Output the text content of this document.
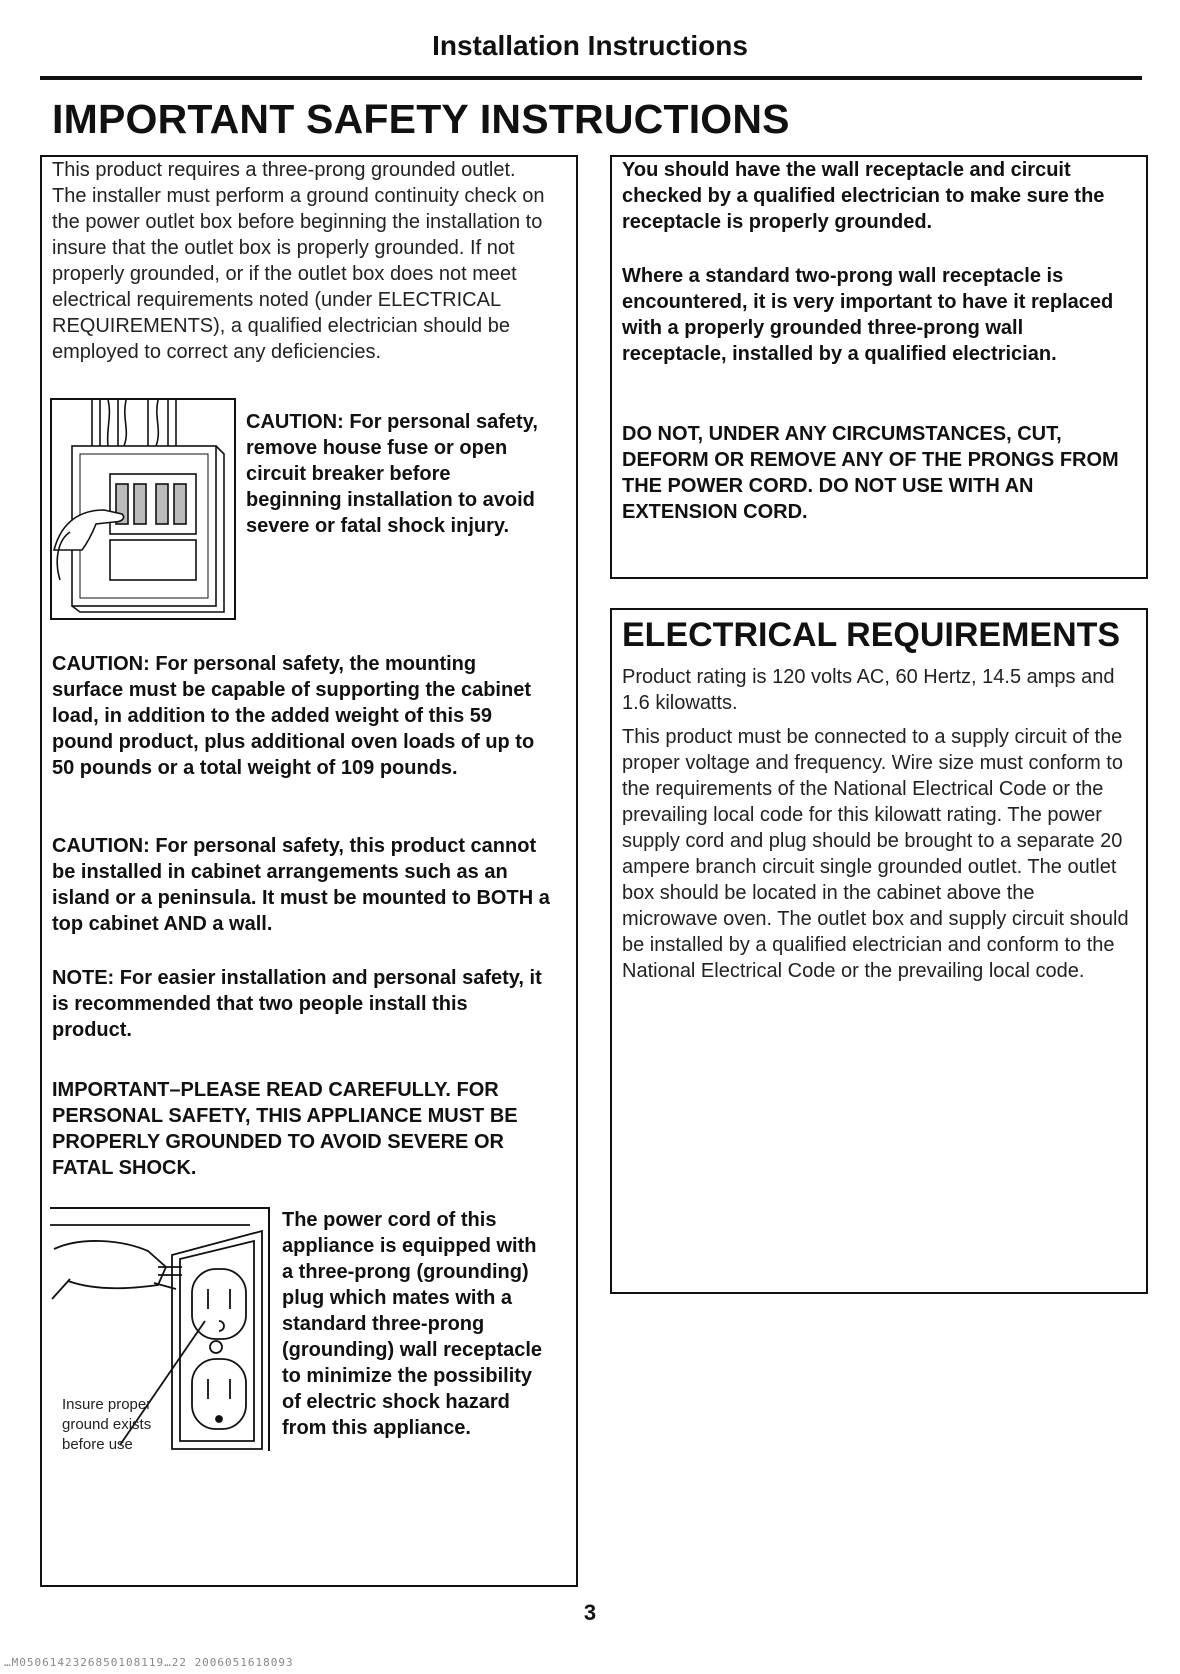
Installation Instructions
IMPORTANT SAFETY INSTRUCTIONS

This product requires a three-prong grounded outlet. The installer must perform a ground continuity check on the power outlet box before beginning the installation to insure that the outlet box is properly grounded. If not properly grounded, or if the outlet box does not meet electrical requirements noted (under ELECTRICAL REQUIREMENTS), a qualified electrician should be employed to correct any deficiencies.

CAUTION: For personal safety, remove house fuse or open circuit breaker before beginning installation to avoid severe or fatal shock injury.

CAUTION: For personal safety, the mounting surface must be capable of supporting the cabinet load, in addition to the added weight of this 59 pound product, plus additional oven loads of up to 50 pounds or a total weight of 109 pounds.

CAUTION: For personal safety, this product cannot be installed in cabinet arrangements such as an island or a peninsula. It must be mounted to BOTH a top cabinet AND a wall.

NOTE: For easier installation and personal safety, it is recommended that two people install this product.

IMPORTANT–PLEASE READ CAREFULLY. FOR PERSONAL SAFETY, THIS APPLIANCE MUST BE PROPERLY GROUNDED TO AVOID SEVERE OR FATAL SHOCK.

Insure proper
ground exists
before use

The power cord of this appliance is equipped with a three-prong (grounding) plug which mates with a standard three-prong (grounding) wall receptacle to minimize the possibility of electric shock hazard from this appliance.

You should have the wall receptacle and circuit checked by a qualified electrician to make sure the receptacle is properly grounded.

Where a standard two-prong wall receptacle is encountered, it is very important to have it replaced with a properly grounded three-prong wall receptacle, installed by a qualified electrician.

DO NOT, UNDER ANY CIRCUMSTANCES, CUT, DEFORM OR REMOVE ANY OF THE PRONGS FROM THE POWER CORD. DO NOT USE WITH AN EXTENSION CORD.

ELECTRICAL REQUIREMENTS

Product rating is 120 volts AC, 60 Hertz, 14.5 amps and 1.6 kilowatts.

This product must be connected to a supply circuit of the proper voltage and frequency. Wire size must conform to the requirements of the National Electrical Code or the prevailing local code for this kilowatt rating. The power supply cord and plug should be brought to a separate 20 ampere branch circuit single grounded outlet. The outlet box should be located in the cabinet above the microwave oven. The outlet box and supply circuit should be installed by a qualified electrician and conform to the National Electrical Code or the prevailing local code.

3
…M0506142326850108119…22 2006051618093
